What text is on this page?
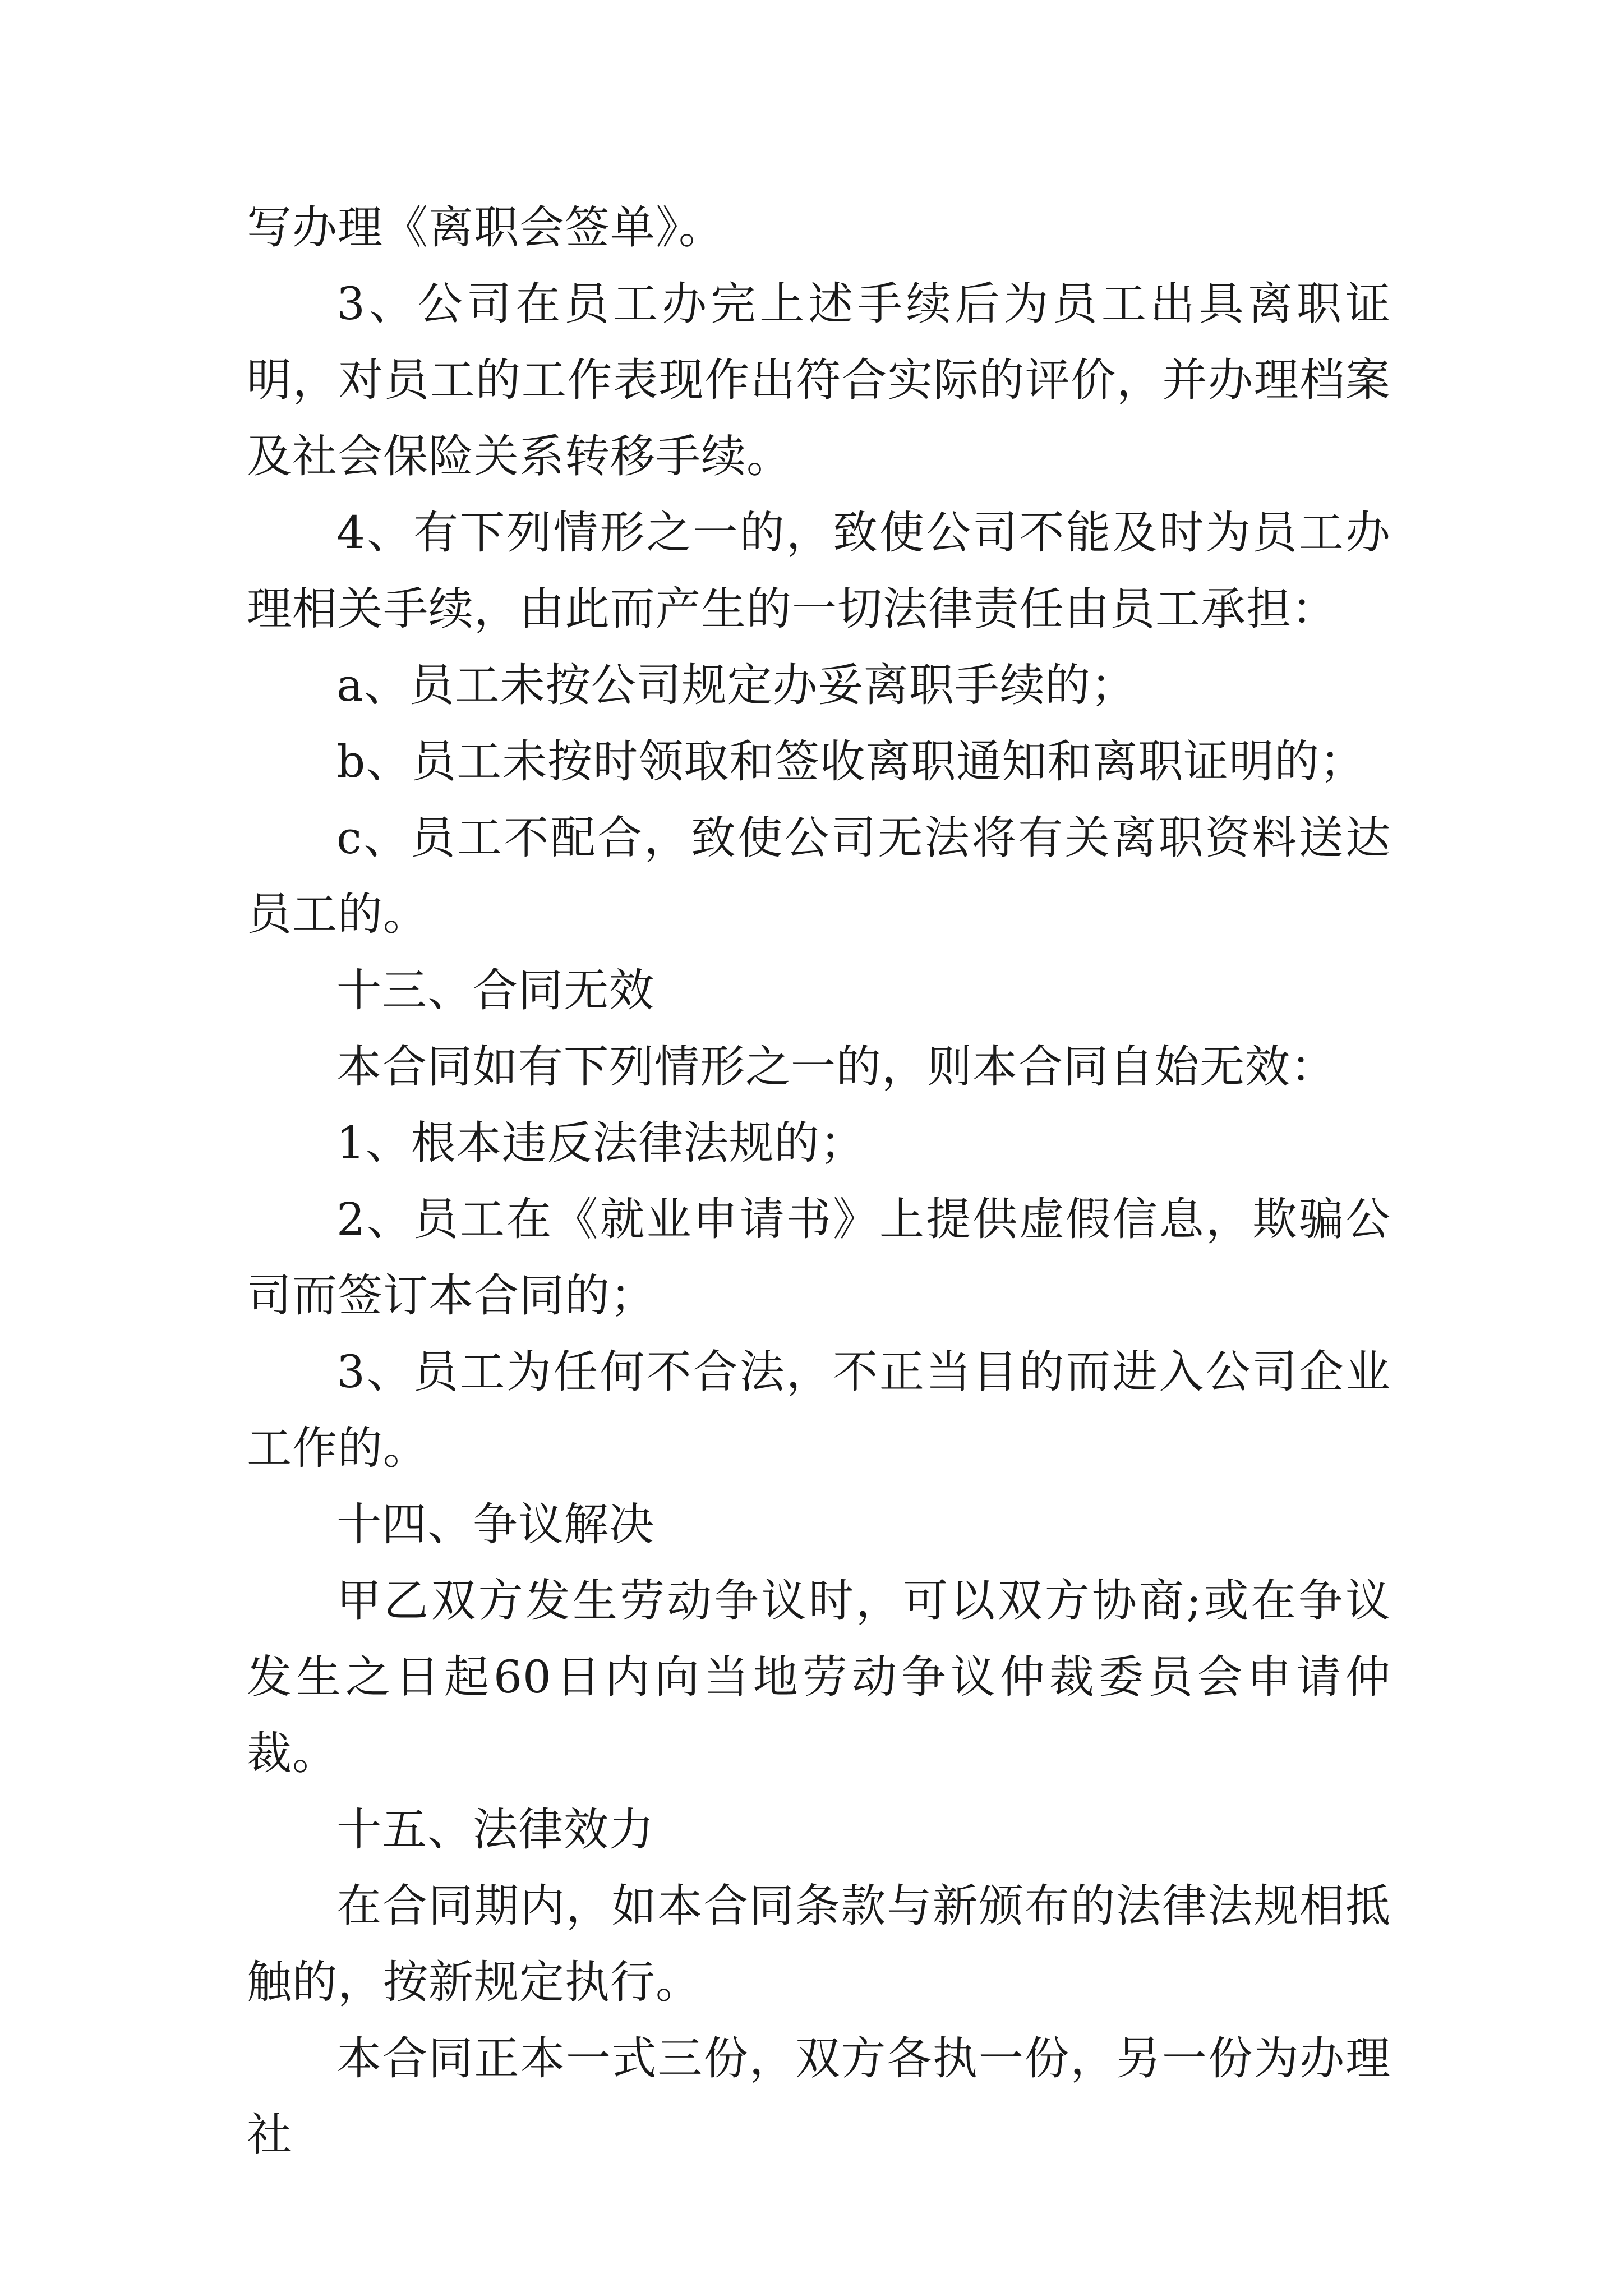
写办理《离职会签单》。

3、公司在员工办完上述手续后为员工出具离职证明，对员工的工作表现作出符合实际的评价，并办理档案及社会保险关系转移手续。

4、有下列情形之一的，致使公司不能及时为员工办理相关手续，由此而产生的一切法律责任由员工承担：

a、员工未按公司规定办妥离职手续的；

b、员工未按时领取和签收离职通知和离职证明的；

c、员工不配合，致使公司无法将有关离职资料送达员工的。

十三、合同无效

本合同如有下列情形之一的，则本合同自始无效：

1、根本违反法律法规的；

2、员工在《就业申请书》上提供虚假信息，欺骗公司而签订本合同的；

3、员工为任何不合法，不正当目的而进入公司企业工作的。

十四、争议解决

甲乙双方发生劳动争议时，可以双方协商;或在争议发生之日起60日内向当地劳动争议仲裁委员会申请仲裁。

十五、法律效力

在合同期内，如本合同条款与新颁布的法律法规相抵触的，按新规定执行。

本合同正本一式三份，双方各执一份，另一份为办理社
